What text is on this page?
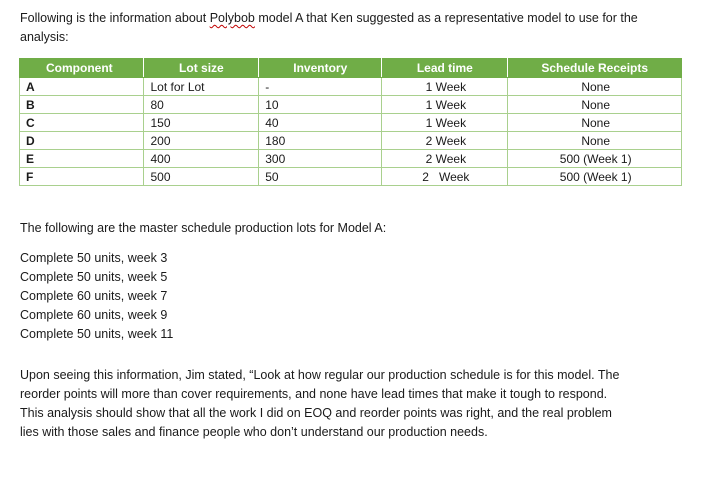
Following is the information about Polybob model A that Ken suggested as a representative model to use for the analysis:

Component	Lot size	Inventory	Lead time	Schedule Receipts
A	Lot for Lot	-	1 Week	None
B	80	10	1 Week	None
C	150	40	1 Week	None
D	200	180	2 Week	None
E	400	300	2 Week	500 (Week 1)
F	500	50	2   Week	500 (Week 1)

The following are the master schedule production lots for Model A:

Complete 50 units, week 3
Complete 50 units, week 5
Complete 60 units, week 7
Complete 60 units, week 9
Complete 50 units, week 11

Upon seeing this information, Jim stated, “Look at how regular our production schedule is for this model. The reorder points will more than cover requirements, and none have lead times that make it tough to respond. This analysis should show that all the work I did on EOQ and reorder points was right, and the real problem lies with those sales and finance people who don’t understand our production needs.
